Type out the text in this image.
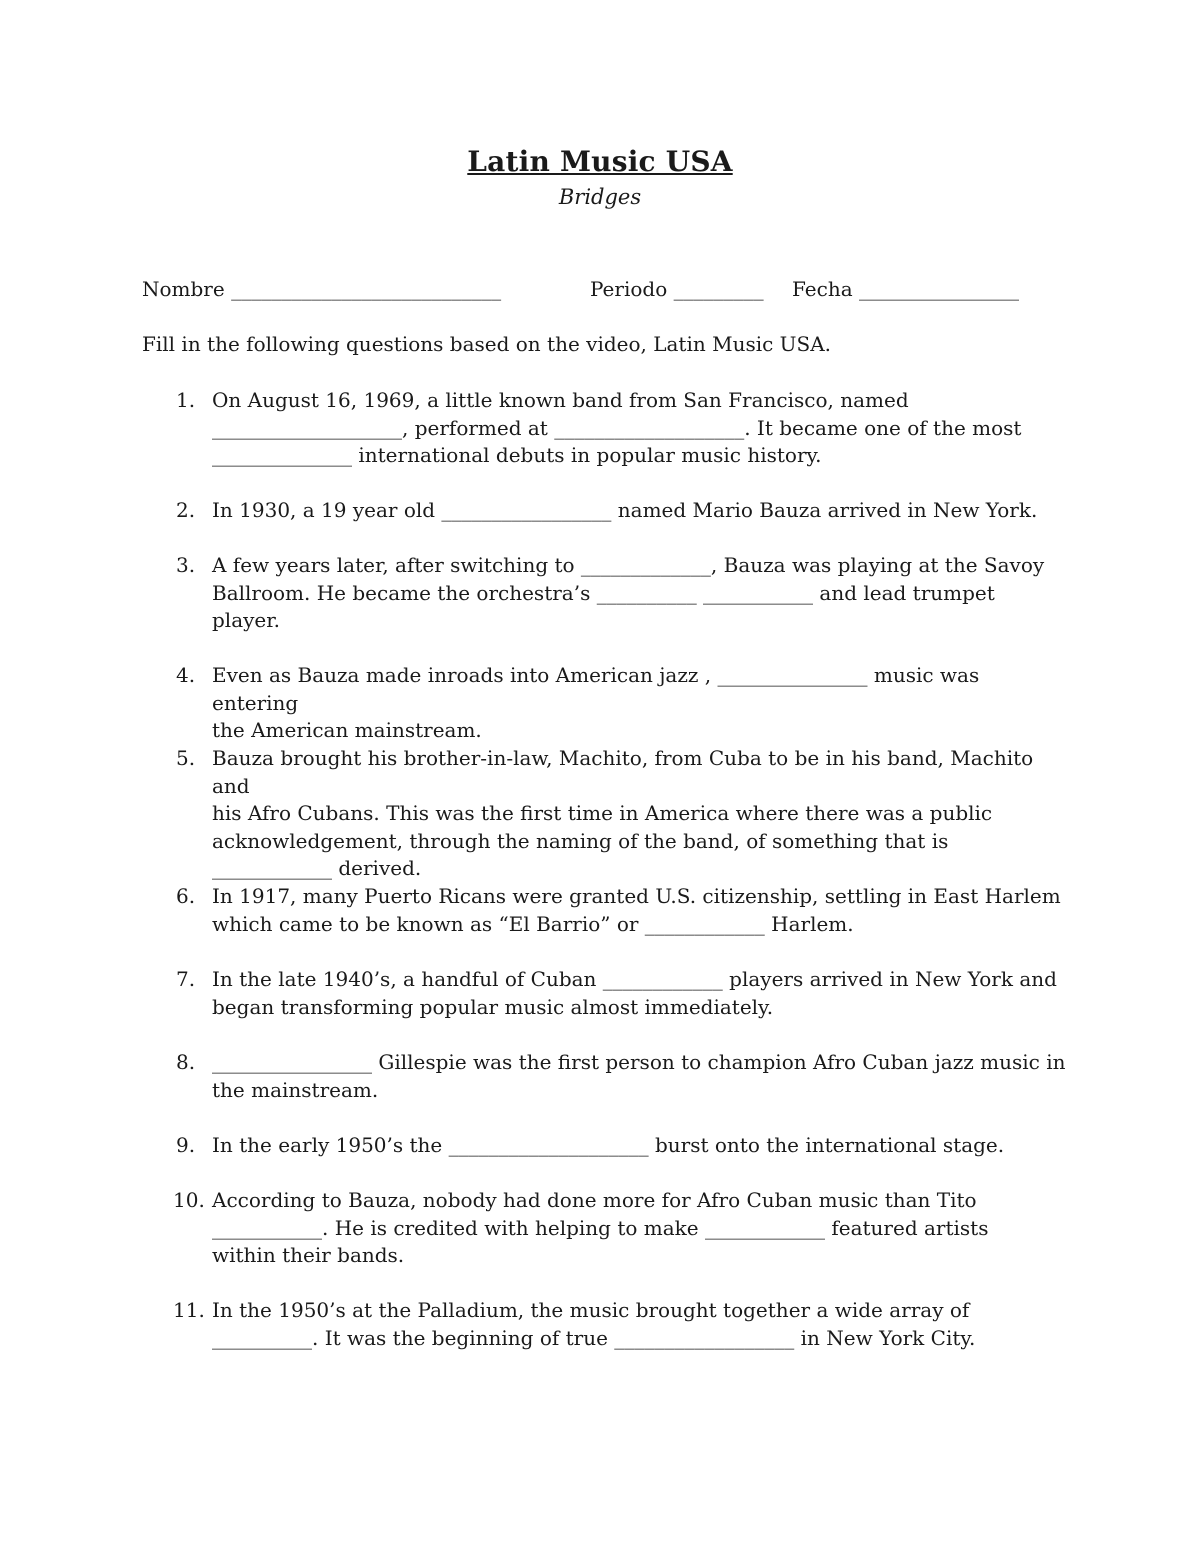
Latin Music USA
Bridges
Nombre ___________________________	Periodo _________ Fecha ________________
Fill in the following questions based on the video, Latin Music USA.
1. On August 16, 1969, a little known band from San Francisco, named
___________________, performed at ___________________. It became one of the most
______________ international debuts in popular music history.
2. In 1930, a 19 year old _________________ named Mario Bauza arrived in New York.
3. A few years later, after switching to _____________, Bauza was playing at the Savoy
Ballroom. He became the orchestra’s __________ ___________ and lead trumpet
player.
4. Even as Bauza made inroads into American jazz , _______________ music was entering
the American mainstream.
5. Bauza brought his brother-in-law, Machito, from Cuba to be in his band, Machito and
his Afro Cubans. This was the first time in America where there was a public
acknowledgement, through the naming of the band, of something that is
____________ derived.
6. In 1917, many Puerto Ricans were granted U.S. citizenship, settling in East Harlem
which came to be known as “El Barrio” or ____________ Harlem.
7. In the late 1940’s, a handful of Cuban ____________ players arrived in New York and
began transforming popular music almost immediately.
8. ________________ Gillespie was the first person to champion Afro Cuban jazz music in
the mainstream.
9. In the early 1950’s the ____________________ burst onto the international stage.
10. According to Bauza, nobody had done more for Afro Cuban music than Tito
___________. He is credited with helping to make ____________ featured artists
within their bands.
11. In the 1950’s at the Palladium, the music brought together a wide array of
__________. It was the beginning of true __________________ in New York City.
